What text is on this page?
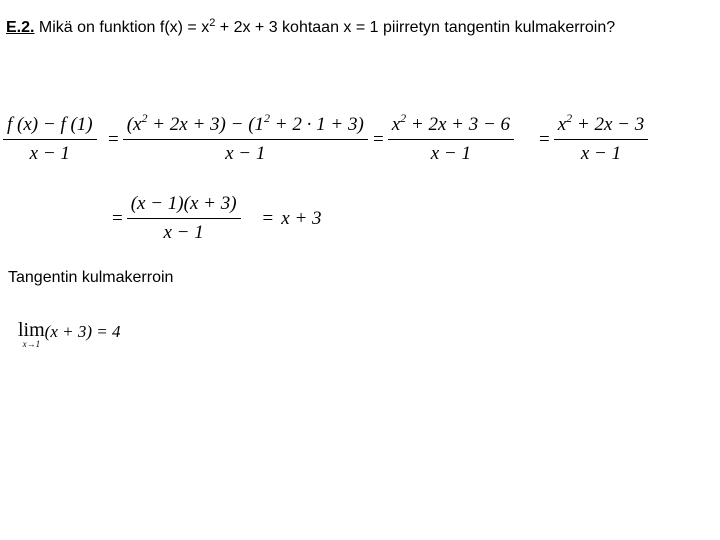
E.2. Mikä on funktion $f(x) = x^2 + 2x + 3$ kohtaan x = 1 piirretyn tangentin kulmakerroin?
$\frac{f (x) - f (1)}{x - 1} = \frac{(x^2 + 2x + 3) - (1^2 + 2 \cdot 1 + 3)}{x - 1} = \frac{x^2 + 2x + 3 - 6}{x - 1} = \frac{x^2 + 2x - 3}{x - 1}$
= $\frac{(x - 1)(x + 3)}{x - 1} = x + 3$
Tangentin kulmakerroin
lim
x→1
(x + 3) = 4
